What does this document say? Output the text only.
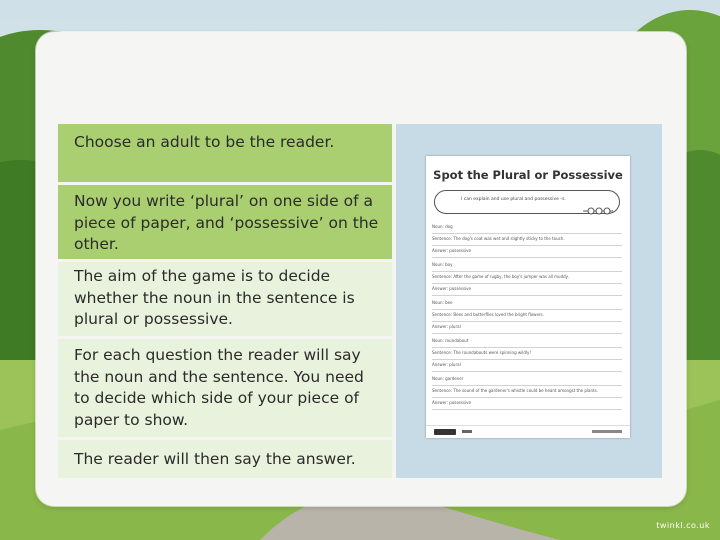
Choose an adult to be the reader.
Now you write ‘plural’ on one side of a piece of paper, and ‘possessive’ on the other.
The aim of the game is to decide whether the noun in the sentence is plural or possessive.
For each question the reader will say the noun and the sentence. You need to decide which side of your piece of paper to show.
The reader will then say the answer.
Spot the Plural or Possessive
I can explain and use plural and possessive -s.
Noun: dog
Sentence: The dog's coat was wet and slightly sticky to the touch.
Answer: possessive
Noun: boy
Sentence: After the game of rugby, the boy's jumper was all muddy.
Answer: possessive
Noun: bee
Sentence: Bees and butterflies loved the bright flowers.
Answer: plural
Noun: roundabout
Sentence: The roundabouts were spinning wildly!
Answer: plural
Noun: gardener
Sentence: The sound of the gardener's whistle could be heard amongst the plants.
Answer: possessive
twinkl.co.uk
